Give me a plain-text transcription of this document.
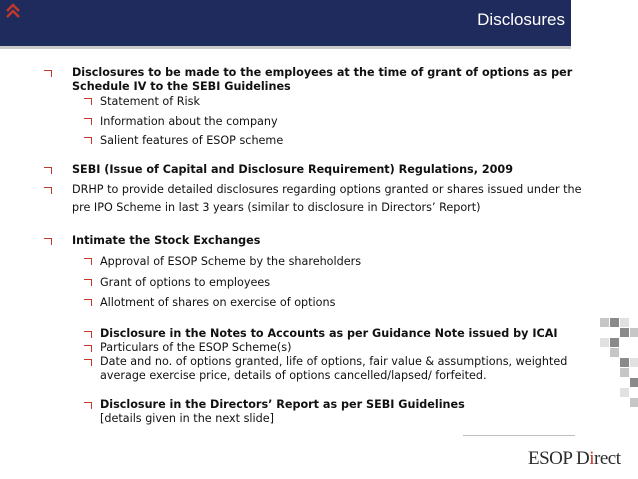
Disclosures
Disclosures to be made to the employees at the time of grant of options as per
Schedule IV to the SEBI Guidelines
Statement of Risk
Information about the company
Salient features of ESOP scheme
SEBI (Issue of Capital and Disclosure Requirement) Regulations, 2009
DRHP to provide detailed disclosures regarding options granted or shares issued under the
pre IPO Scheme in last 3 years (similar to disclosure in Directors’ Report)
Intimate the Stock Exchanges
Approval of ESOP Scheme by the shareholders
Grant of options to employees
Allotment of shares on exercise of options
Disclosure in the Notes to Accounts as per Guidance Note issued by ICAI
Particulars of the ESOP Scheme(s)
Date and no. of options granted, life of options, fair value & assumptions, weighted
average exercise price, details of options cancelled/lapsed/ forfeited.
Disclosure in the Directors’ Report as per SEBI Guidelines
[details given in the next slide]
ESOP Direct
